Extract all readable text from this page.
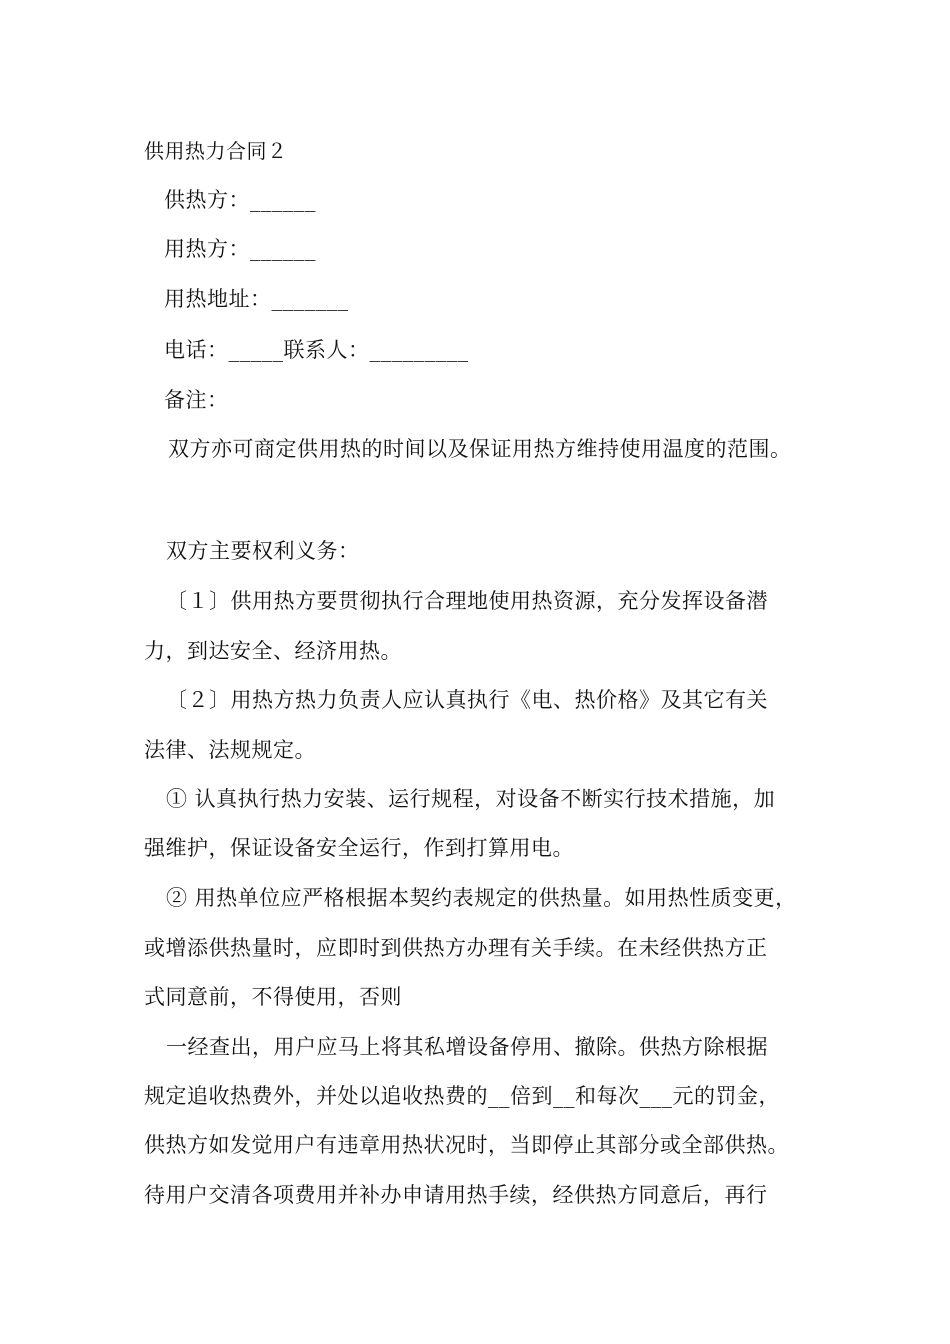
供用热力合同２
供热方：______
用热方：______
用热地址：_______
电话：_____联系人：_________
备注：
双方亦可商定供用热的时间以及保证用热方维持使用温度的范围。
双方主要权利义务：
〔１〕供用热方要贯彻执行合理地使用热资源，充分发挥设备潜
力，到达安全、经济用热。
〔２〕用热方热力负责人应认真执行《电、热价格》及其它有关
法律、法规规定。
① 认真执行热力安装、运行规程，对设备不断实行技术措施，加
强维护，保证设备安全运行，作到打算用电。
② 用热单位应严格根据本契约表规定的供热量。如用热性质变更，
或增添供热量时，应即时到供热方办理有关手续。在未经供热方正
式同意前，不得使用，否则
一经查出，用户应马上将其私增设备停用、撤除。供热方除根据
规定追收热费外，并处以追收热费的__倍到__和每次___元的罚金，
供热方如发觉用户有违章用热状况时，当即停止其部分或全部供热。
待用户交清各项费用并补办申请用热手续，经供热方同意后，再行
